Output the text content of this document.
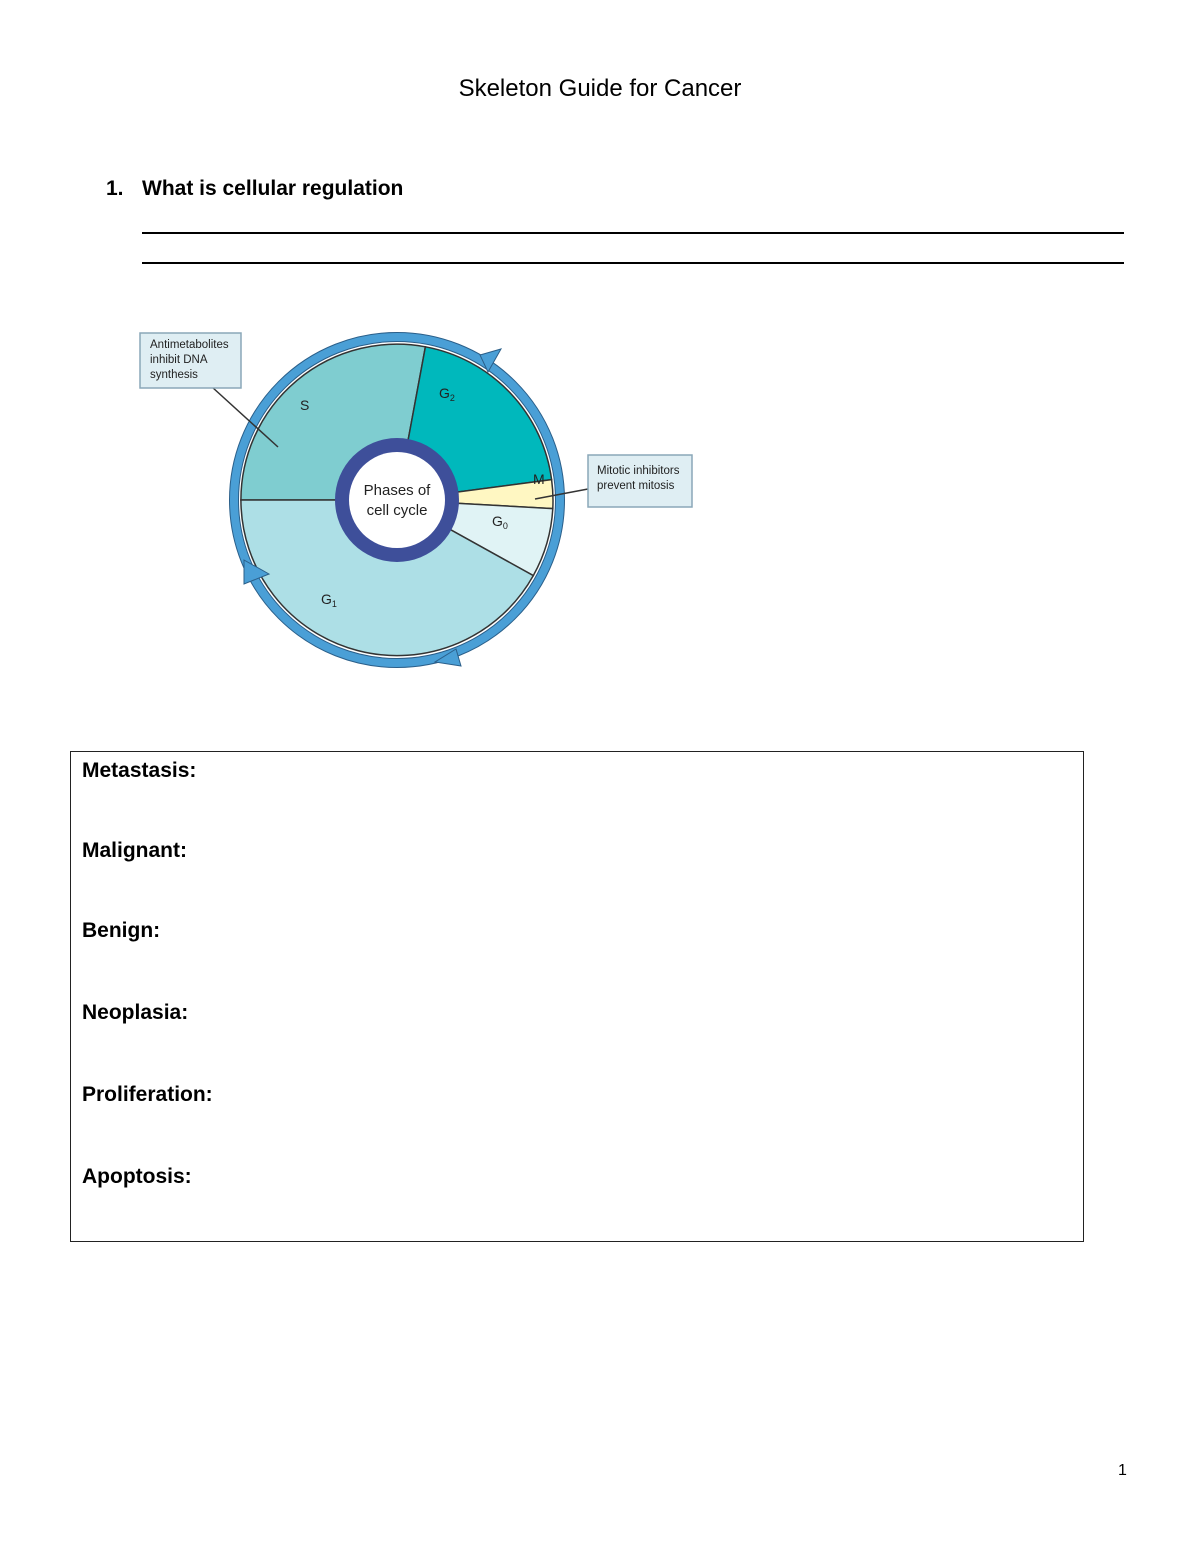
Skeleton Guide for Cancer
1. What is cellular regulation
Phases of
cell cycle
S
$G_2$
M
$G_0$
$G_1$
Antimetabolites inhibit DNA synthesis
Mitotic inhibitors prevent mitosis
Metastasis:
Malignant:
Benign:
Neoplasia:
Proliferation:
Apoptosis:
1
